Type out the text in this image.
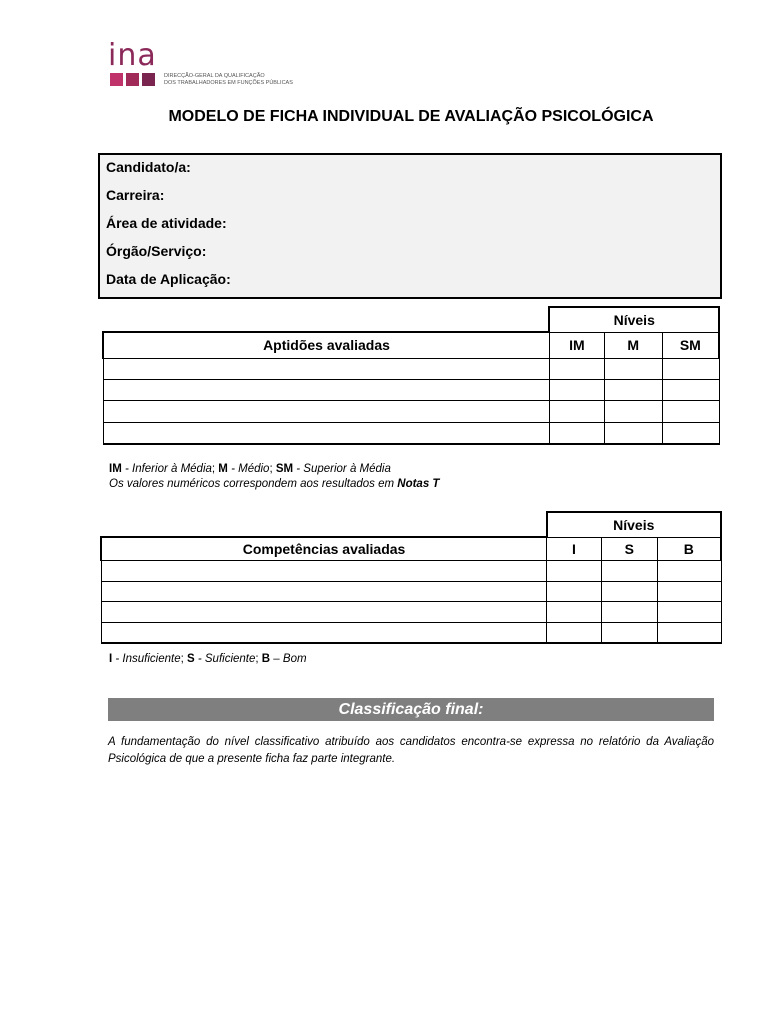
ina
DIRECÇÃO-GERAL DA QUALIFICAÇÃO
DOS TRABALHADORES EM FUNÇÕES PÚBLICAS
MODELO DE FICHA INDIVIDUAL DE AVALIAÇÃO PSICOLÓGICA
Candidato/a:
Carreira:
Área de atividade:
Órgão/Serviço:
Data de Aplicação:
	Níveis		
Aptidões avaliadas	IM	M	SM

IM - Inferior à Média; M - Médio; SM - Superior à Média
Os valores numéricos correspondem aos resultados em Notas T
	Níveis		
Competências avaliadas	I	S	B

I - Insuficiente; S - Suficiente; B – Bom
Classificação final:
A fundamentação do nível classificativo atribuído aos candidatos encontra-se expressa no relatório da Avaliação Psicológica de que a presente ficha faz parte integrante.
